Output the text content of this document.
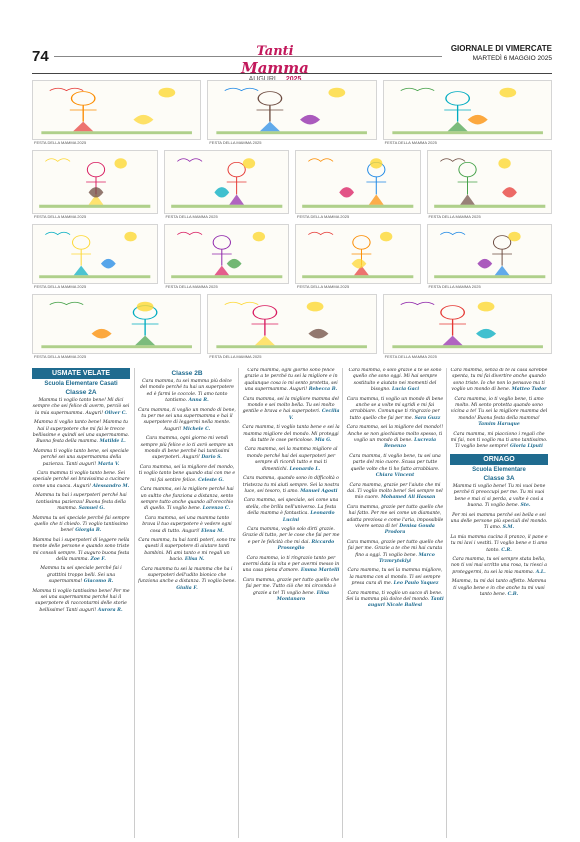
74	Tanti Mamma
GIORNALE DI VIMERCATE
MARTEDÌ 6 MAGGIO 2025
FESTA DELLA MAMMA 2025	FESTA DELLA MAMMA 2025	FESTA DELLA MAMMA 2025
FESTA DELLA MAMMA 2025	FESTA DELLA MAMMA 2025	FESTA DELLA MAMMA 2025	FESTA DELLA MAMMA 2025
FESTA DELLA MAMMA 2025	FESTA DELLA MAMMA 2025	FESTA DELLA MAMMA 2025	FESTA DELLA MAMMA 2025
FESTA DELLA MAMMA 2025	FESTA DELLA MAMMA 2025	FESTA DELLA MAMMA 2025
USMATE VELATE
Scuola Elementare Casati
Classe 2A
Mamma ti voglio tanto bene! Mi dici sempre che sei felice di averm, perciò sei la mia supermamma. Auguri! Oliver C.
Mamma ti voglio tanto bene! Mamma tu hai il superpotere che mi fai le trecce bellissime e quindi sei una supermamma. Buona festa della mamma. Matilde L.
Mamma ti voglio tanto bene, sei speciale perché sei una supermamma della pazienza. Tanti auguri! Marta V.
Cara mamma ti voglio tanto bene. Sei speciale perché sei bravissima a cucinare come una cuoca. Auguri! Alessandro M.
Mamma tu hai i superpoteri perché hai tantissima pazienza! Buona festa della mamma. Samuel G.
Mamma tu sei speciale perché fai sempre quello che ti chiedo. Ti voglio tantissimo bene! Giorgia B.
Mamma hai i superpoteri di leggere nella mente delle persone e quando sono triste mi consoli sempre. Ti auguro buona festa della mamma. Zoe F.
Mamma tu sei speciale perché fai i gratttini troppo belli. Sei una supermamma! Giacomo R.
Mamma ti voglio tantissimo bene! Per me sei una supermamma perché hai il superpotere di raccontarmi delle storie bellissime! Tanti auguri! Aurora R.
Classe 2B
Cara mamma, tu sei mamma più dolce del mondo perché tu hai un superpotere ed è farmi le coccole. Ti amo tanto tantismo. Anna R.
Cara mamma, ti voglio un mondo di bene, tu per me sei una supermamma e hai il superpotere di leggermi nella mente. Auguri! Michele C.
Cara mamma, ogni giorno mi vendi sempre più felice e io ti avrò sempre un mondo di bene perché hai tantissimi superpoteri. Auguri! Dario S.
Cara mamma, sei la migliore del mondo, ti voglio tanto bene quando stai con me e mi fai sentire felice. Celeste G.
Cara mamma, sei la migliore perché hai un sultto che funziona a distanza, sento sempre tutto anche quando all'orecchio di quello. Ti voglio bene. Lorenzo C.
Cara mamma, sei una mamma tanto brava il tuo superpotere è vedere ogni cosa di tutto. Auguri! Elena M.
Cara mamma, tu hai tanti poteri, sono tra questi il superpotere di aiutare tanti bambini. Mi ami tanto e mi regali un bacio. Elisa N.
Cara mamma tu sei la mamma che ha i superpoteri dell'udito bionico che funziona anche a distanza. Ti voglio bene. Giulia F.
Cara mamma, ogni giorno sono felice grazie a te perché tu sei la migliore e in qualunque cosa io mi sento protetta, sei una supermamma. Auguri! Rebecca B.
Cara mamma, sei la migliore mamma del mondo e sei molto bella. Tu sei molto gentile e brava e hai superpoteri. Cecilia V.
Cara mamma, ti voglio tanta bene e sei la mamma migliore del mondo. Mi proteggi da tutte le cose pericolose. Mia G.
Cara mamma, sei la mamma migliore al mondo perché hai dei superpoteri per sempre di ricordi tutto e mai ti dimentichi. Leonardo L.
Cara mamma, quando sono in difficoltà o tristezza tu mi aiuti sempre. Sei la nostra luce, sei tesoro, ti amo. Manuel Agosti
Cara mamma, sei speciale, sei come una stella, che brilla nell'universo. La festa della mamma è fantastica. Leonardo Lucini
Cara mamma, voglio solo dirti grazie. Grazie di tutto, per le cose che fai per me e per le felicità che mi dai. Riccardo Prosseglio
Cara mamma, io ti ringrazio tanto per avermi data la vita e per avermi messo in una casa piena d'amore. Emma Martelli
Cara mamma, grazie per tutto quello che fai per me. Tutto ciò che mi circonda è grazie a te! Ti voglio bene. Elisa Montanaro
Cara mamma, o solo grazie a te se sono quello che sono oggi. Mi hai sempre sostituito e aiutato nei momenti del bisogno. Lucia Gaci
Cara mamma, ti voglio un mondo di bene anche se a volte mi sgridi e mi fai arrabbiare. Comunque ti ringrazio per tutto quello che fai per me. Sara Guzz
Cara mamma, sei la migliore del mondo!! Anche se non giochiamo molto spesso, ti voglio un mondo di bene. Lucrezia Benenzo
Cara mamma, ti voglio bene, tu sei una parte del mio cuore. Scusa per tutte quelle volte che ti ho fatto arrabbiare. Chiara Vincent
Cara mamma, grazie per l'aiuto che mi dai. Ti voglio molto bene! Sei sempre nel mio cuore. Mohamed Ali Hassan
Cara mamma, grazie per tutto quello che hai fatto. Per me sei come un diamante, adatta preziosa e come l'aria, impossibile vivere senza di te! Denisa Gouda Prodora
Cara mamma, grazie per tutto quello che fai per me. Grazie a te che mi hai curata fino a oggi. Ti voglio bene. Marco Trzmrytsklyi
Cara mamma, tu sei la mamma migliore, la mamma con al mondo. Ti sei sempre presa cura di me. Leo Paulo Yaquez
Cara mamma, ti voglio un sacco di bene. Sei la mamma più dolce del mondo. Tanti auguri Nicole Ballesi
Cara mamma, senza di te la casa sarebbe spenta, tu mi fai divertire anche quando sono triste. Io che non lo pensavo ma ti voglio un mondo di bene. Matteo Tudor
Cara mamma, io ti voglio bene, ti amo molto. Mi sento protetta quando sono vicina a te! Tu sei la migliore mamma del mondo! Buona festa della mamma! Tamim Haruque
Cara mamma, mi piacciono i regali che mi fai, non ti voglio ma ti amo tantissimo. Ti voglio bene sempre! Gloria Liputi
ORNAGO
Scuola Elementare
Classe 3A
Mamma ti voglio bene! Tu mi vuoi bene perché ti preoccupi per me. Tu mi vuoi bene e mai ci si perda, a volte è così a buona. Ti voglio bene. Ste.
Per mi sei mamma perché sei bella e sei una delle persone più speciali del mondo. Ti amo. S.M.
La mia mamma cucina il pranzo, il pane e tu mi lavi i vestiti. Ti voglio bene e ti amo tanto. C.R.
Cara mamma, tu sei sempre stata bella, non ti voi mai scritto una rosa, tu riesci a proteggermi, tu sei la mia mamma. A.L.
Mamma, tu mi dai tanto affetto. Mamma ti voglio bene e in che anche tu mi vuoi tanto bene. C.B.
